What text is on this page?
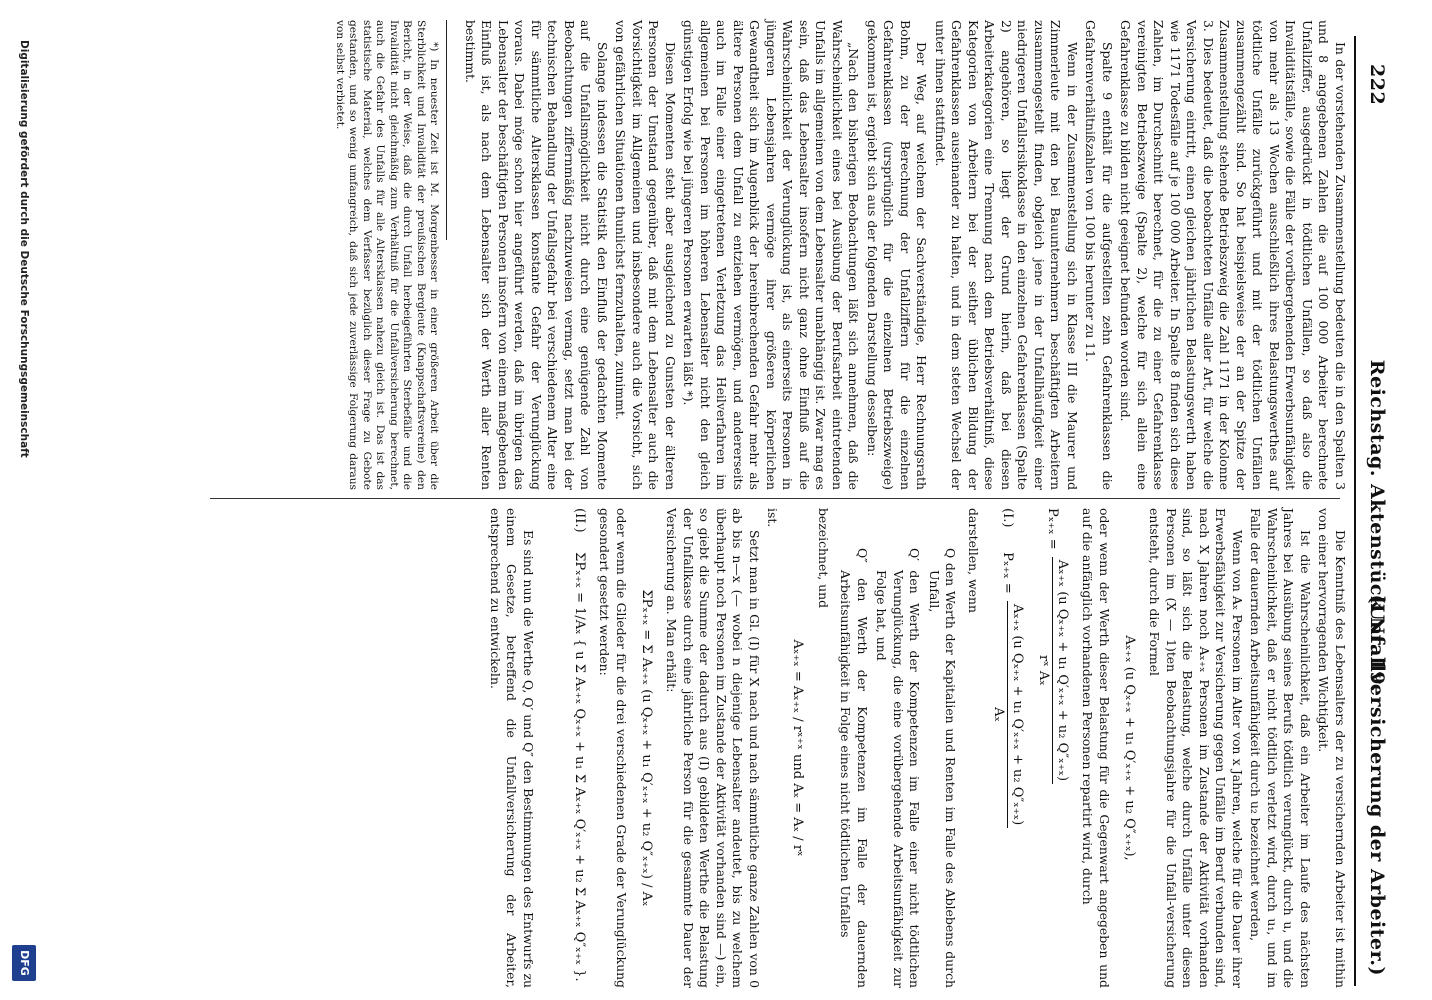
222
Reichstag. Aktenstück Nr. 19.
(Unfallversicherung der Arbeiter.)

In der vorstehenden Zusammenstellung bedeuten die in den Spalten 3 und 8 angegebenen Zahlen die auf 100 000 Arbeiter berechnete Unfallziffer, ausgedrückt in tödtlichen Unfällen, so daß also die Invaliditätsfälle, sowie die Fälle der vorübergehenden Erwerbsunfähigkeit von mehr als 13 Wochen ausschließlich ihres Belastungswerthes auf tödtliche Unfälle zurückgeführt und mit der tödtlichen Unfällen zusammengezählt sind. So hat beispielsweise der an der Spitze der Zusammenstellung stehende Betriebszweig die Zahl 1171 in der Kolonne 3. Dies bedeutet, daß die beobachteten Unfälle aller Art, für welche die Versicherung eintritt, einen gleichen jährlichen Belastungswerth haben wie 1171 Todesfälle auf je 100 000 Arbeiter. In Spalte 8 finden sich diese Zahlen, im Durchschnitt berechnet, für die zu einer Gefahrenklasse vereinigten Betriebszweige (Spalte 2), welche für sich allein eine Gefahrenklasse zu bilden nicht geeignet befunden worden sind.

Spalte 9 enthält für die aufgestellten zehn Gefahrenklassen die Gefahrenverhältnißzahlen von 100 bis herunter zu 11.

Wenn in der Zusammenstellung sich in Klasse III die Maurer und Zimmerleute mit den bei Bauunternehmern beschäftigten Arbeitern zusammengestellt finden, obgleich jene in der Unfallhäufigkeit einer niedrigeren Unfallsrisikoklasse in den einzelnen Gefahrenklassen (Spalte 2) angehören, so liegt der Grund hierin, daß bei diesen Arbeiterkategorien eine Trennung nach dem Betriebsverhältniß, diese Kategorien von Arbeitern bei der seither üblichen Bildung der Gefahrenklassen auseinander zu halten, und in dem steten Wechsel der unter ihnen stattfindet.

Der Weg, auf welchem der Sachverständige, Herr Rechnungsrath Bohm, zu der Berechnung der Unfallziffern für die einzelnen Gefahrenklassen (ursprünglich für die einzelnen Betriebszweige) gekommen ist, ergiebt sich aus der folgenden Darstellung desselben:

„Nach den bisherigen Beobachtungen läßt sich annehmen, daß die Wahrscheinlichkeit eines bei Ausübung der Berufsarbeit eintretenden Unfalls im allgemeinen von dem Lebensalter unabhängig ist. Zwar mag es sein, daß das Lebensalter insofern nicht ganz ohne Einfluß auf die Wahrscheinlichkeit der Verunglückung ist, als einerseits Personen in jüngeren Lebensjahren vermöge ihrer größeren körperlichen Gewandtheit sich im Augenblick der hereinbrechenden Gefahr mehr als ältere Personen dem Unfall zu entziehen vermögen, und andererseits auch im Falle einer eingetretenen Verletzung das Heilverfahren im allgemeinen bei Personen im höheren Lebensalter nicht den gleich günstigen Erfolg wie bei jüngeren Personen erwarten läßt *).

Diesen Momenten steht aber ausgleichend zu Gunsten der älteren Personen der Umstand gegenüber, daß mit dem Lebensalter auch die Vorsichtigkeit im Allgemeinen und insbesondere auch die Vorsicht, sich von gefährlichen Situationen thunlichst fernzuhalten, zunimmt.

Solange indessen die Statistik den Einfluß der gedachten Momente auf die Unfallsmöglichkeit nicht durch eine genügende Zahl von Beobachtungen ziffernmäßig nachzuweisen vermag, setzt man bei der technischen Behandlung der Unfallsgefahr bei verschiedenem Alter eine für sämmtliche Altersklassen konstante Gefahr der Verunglückung voraus. Dabei möge schon hier angeführt werden, daß im übrigen das Lebensalter der beschäftigten Personen insofern von einem maßgebenden Einfluß ist, als nach dem Lebensalter sich der Werth aller Renten bestimmt.

*) In neuester Zeit ist M. Morgenbesser in einer größeren Arbeit über die Sterblichkeit und Invalidität der preußischen Bergleute (Knappschaftsvereine) den Bericht, in der Weise, daß die durch Unfall herbeigeführten Sterbefälle und die Invalidität nicht gleichmäßig zum Verhältniß für die Unfallversicherung berechnet, auch die Gefahr des Unfalls für alle Altersklassen nahezu gleich ist. Das ist das statistische Material, welches dem Verfasser bezüglich dieser Frage zu Gebote gestanden, und so wenig umfangreich, daß sich jede zuverlässige Folgerung daraus von selbst verbietet.

Die Kenntniß des Lebensalters der zu versichernden Arbeiter ist mithin von einer hervorragenden Wichtigkeit.

Ist die Wahrscheinlichkeit, daß ein Arbeiter im Laufe des nächsten Jahres bei Ausübung seines Berufs tödtlich verunglückt, durch u, und die Wahrscheinlichkeit, daß er nicht tödtlich verletzt wird, durch u₁, und im Falle der dauernden Arbeitsunfähigkeit durch u₂ bezeichnet werden,

Wenn von Aₓ Personen im Alter von x Jahren, welche für die Dauer ihrer Erwerbsfähigkeit zur Versicherung gegen Unfälle im Beruf verbunden sind, nach X Jahren noch Aₓ₊ₓ Personen im Zustande der Aktivität vorhanden sind, so läßt sich die Belastung, welche durch Unfälle unter diesen Personen im (X — 1)ten Beobachtungsjahre für die Unfall-versicherung entsteht, durch die Formel

Aₓ₊ₓ (u Qₓ₊ₓ + u₁ Q′ₓ₊ₓ + u₂ Q″ₓ₊ₓ),

oder wenn der Werth dieser Belastung für die Gegenwart angegeben und auf die anfänglich vorhandenen Personen repartirt wird, durch

Pₓ₊ₓ =
Aₓ₊ₓ (u Qₓ₊ₓ + u₁ Q′ₓ₊ₓ + u₂ Q″ₓ₊ₓ)
rˣ Aₓ
(I.) Pₓ₊ₓ =
Aₓ₊ₓ (u Qₓ₊ₓ + u₁ Q′ₓ₊ₓ + u₂ Q″ₓ₊ₓ)
Aₓ

darstellen, wenn

Q den Werth der Kapitalien und Renten im Falle des Ablebens durch Unfall,
Q′ den Werth der Kompetenzen im Falle einer nicht tödtlichen Verunglückung, die eine vorübergehende Arbeitsunfähigkeit zur Folge hat, und
Q″ den Werth der Kompetenzen im Falle der dauernden Arbeitsunfähigkeit in Folge eines nicht tödtlichen Unfalles

bezeichnet, und

Aₓ₊ₓ = Aₓ₊ₓ / rˣ⁺ˣ und Aₓ = Aₓ / rˣ

ist.

Setzt man in Gl. (I) für X nach und nach sämmtliche ganze Zahlen von 0 ab bis n—x (— wobei n diejenige Lebensalter andeutet, bis zu welchem überhaupt noch Personen im Zustande der Aktivität vorhanden sind —) ein, so giebt die Summe der dadurch aus (I) gebildeten Werthe die Belastung der Unfallkasse durch eine jährliche Person für die gesammte Dauer der Versicherung an. Man erhält:

ΣPₓ₊ₓ = Σ Aₓ₊ₓ (u Qₓ₊ₓ + u₁ Q′ₓ₊ₓ + u₂ Q″ₓ₊ₓ) / Aₓ

oder wenn die Glieder für die drei verschiedenen Grade der Verunglückung gesondert gesetzt werden:

(II.) ΣPₓ₊ₓ = 1/Aₓ { u Σ Aₓ₊ₓ Qₓ₊ₓ + u₁ Σ Aₓ₊ₓ Q′ₓ₊ₓ + u₂ Σ Aₓ₊ₓ Q″ₓ₊ₓ }.

Es sind nun die Werthe Q, Q′ und Q″ den Bestimmungen des Entwurfs zu einem Gesetze, betreffend die Unfallversicherung der Arbeiter, entsprechend zu entwickeln.

Digitalisierung gefördert durch die Deutsche Forschungsgemeinschaft
DFG
